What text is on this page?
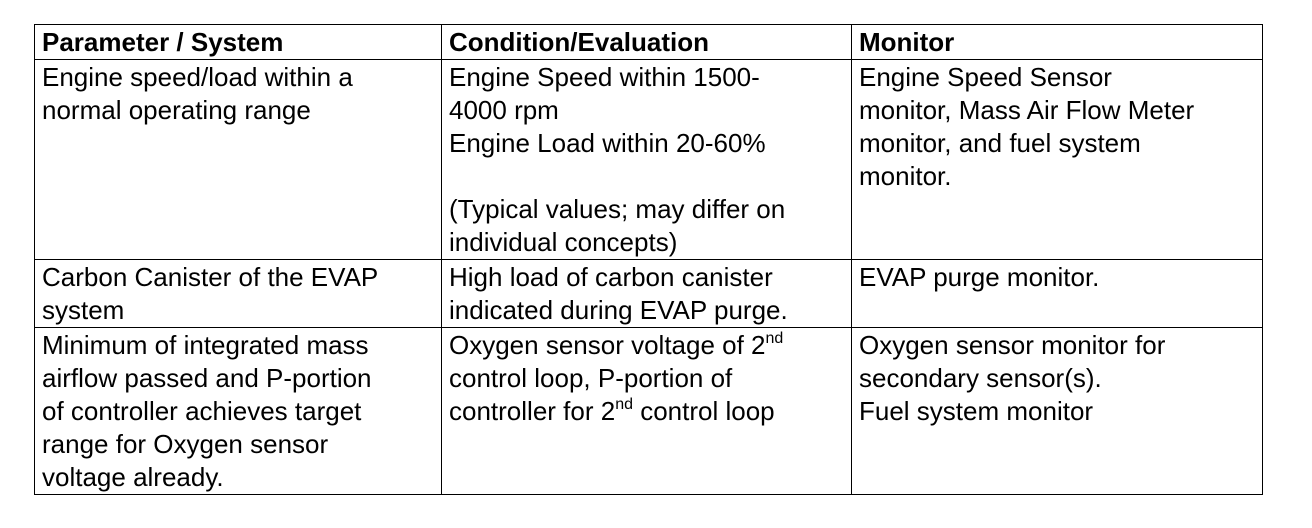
Parameter / System	Condition/Evaluation	Monitor

Engine speed/load within a
normal operating range	Engine Speed within 1500-
4000 rpm
Engine Load within 20-60%
(Typical values; may differ on
individual concepts)	Engine Speed Sensor
monitor, Mass Air Flow Meter
monitor, and fuel system
monitor.

Carbon Canister of the EVAP
system	High load of carbon canister
indicated during EVAP purge.	EVAP purge monitor.

Minimum of integrated mass
airflow passed and P-portion
of controller achieves target
range for Oxygen sensor
voltage already.	Oxygen sensor voltage of 2nd
control loop, P-portion of
controller for 2nd control loop	Oxygen sensor monitor for
secondary sensor(s).
Fuel system monitor
